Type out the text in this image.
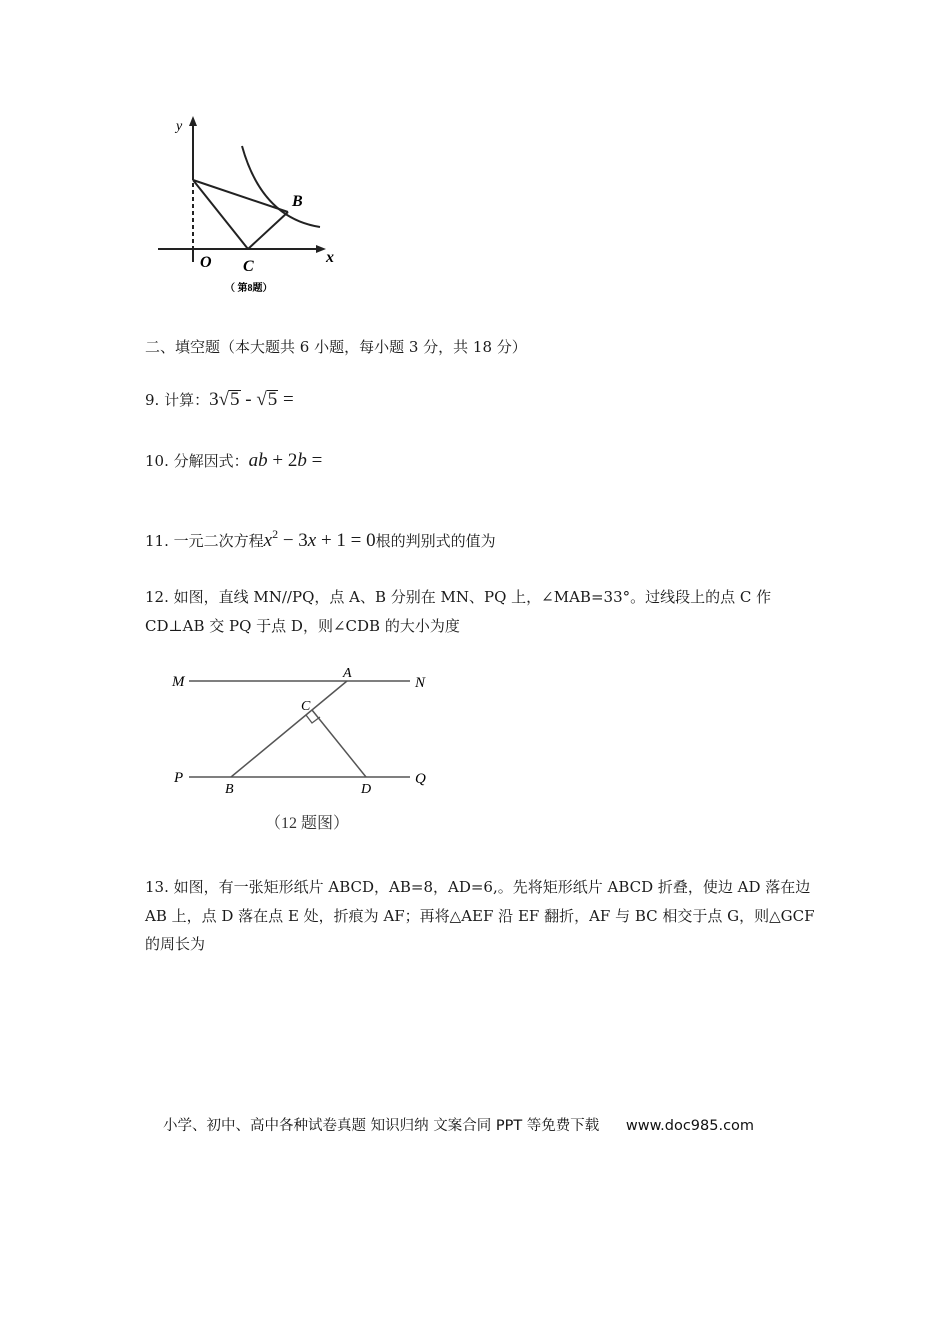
y
x
O C
B
（ 第8题）
二、填空题（本大题共 6 小题，每小题 3 分，共 18 分）
9. 计算：3√5 - √5 =
10. 分解因式：ab + 2b =
11. 一元二次方程$x^2 - 3x + 1 = 0$根的判别式的值为
12. 如图，直线 MN//PQ，点 A、B 分别在 MN、PQ 上，∠MAB=33°。过线段上的点 C 作
CD⊥AB 交 PQ 于点 D，则∠CDB 的大小为度
M
A
N
C
P
B	D
Q
（12 题图）
13. 如图，有一张矩形纸片 ABCD，AB=8，AD=6,。先将矩形纸片 ABCD 折叠，使边 AD 落在边
AB 上，点 D 落在点 E 处，折痕为 AF；再将△AEF 沿 EF 翻折，AF 与 BC 相交于点 G，则△GCF
的周长为
小学、初中、高中各种试卷真题 知识归纳 文案合同 PPT 等免费下载 www.doc985.com
